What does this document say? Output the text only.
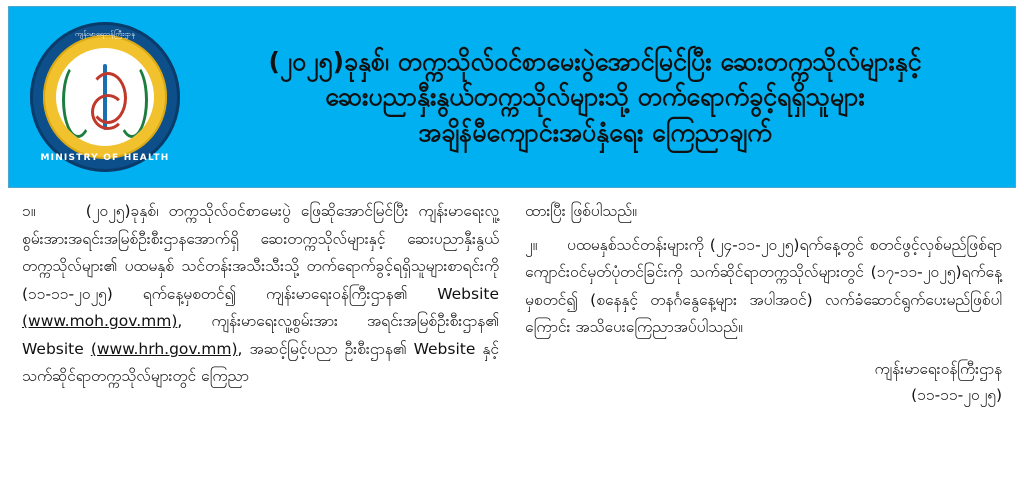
ကျန်းမာရေးဝန်ကြီးဌာန
MINISTRY OF HEALTH
(၂၀၂၅)ခုနှစ်၊ တက္ကသိုလ်ဝင်စာမေးပွဲအောင်မြင်ပြီး ဆေးတက္ကသိုလ်များနှင့်
ဆေးပညာနှီးနွယ်တက္ကသိုလ်များသို့ တက်ရောက်ခွင့်ရရှိသူများ
အချိန်မီကျောင်းအပ်နှံရေး ကြေညာချက်

၁။	(၂၀၂၅)ခုနှစ်၊ တက္ကသိုလ်ဝင်စာမေးပွဲ ဖြေဆိုအောင်မြင်ပြီး ကျန်းမာရေးလူ့စွမ်းအားအရင်းအမြစ်ဦးစီးဌာနအောက်ရှိ ဆေးတက္ကသိုလ်များနှင့် ဆေးပညာနှီးနွယ်တက္ကသိုလ်များ၏ ပထမနှစ် သင်တန်းအသီးသီးသို့ တက်ရောက်ခွင့်ရရှိသူများစာရင်းကို (၁၁-၁၁-၂၀၂၅) ရက်နေ့မှစတင်၍ ကျန်းမာရေးဝန်ကြီးဌာန၏ Website (www.moh.gov.mm), ကျန်းမာရေးလူ့စွမ်းအား အရင်းအမြစ်ဦးစီးဌာန၏ Website (www.hrh.gov.mm), အဆင့်မြင့်ပညာ ဦးစီးဌာန၏ Website နှင့် သက်ဆိုင်ရာတက္ကသိုလ်များတွင် ကြေညာ

ထားပြီး ဖြစ်ပါသည်။

၂။ ပထမနှစ်သင်တန်းများကို (၂၄-၁၁-၂၀၂၅)ရက်နေ့တွင် စတင်ဖွင့်လှစ်မည်ဖြစ်ရာ ကျောင်းဝင်မှတ်ပုံတင်ခြင်းကို သက်ဆိုင်ရာတက္ကသိုလ်များတွင် (၁၇-၁၁-၂၀၂၅)ရက်နေ့မှစတင်၍ (စနေနှင့် တနင်္ဂနွေနေ့များ အပါအဝင်) လက်ခံဆောင်ရွက်ပေးမည်ဖြစ်ပါကြောင်း အသိပေးကြေညာအပ်ပါသည်။

ကျန်းမာရေးဝန်ကြီးဌာန
(၁၁-၁၁-၂၀၂၅)
